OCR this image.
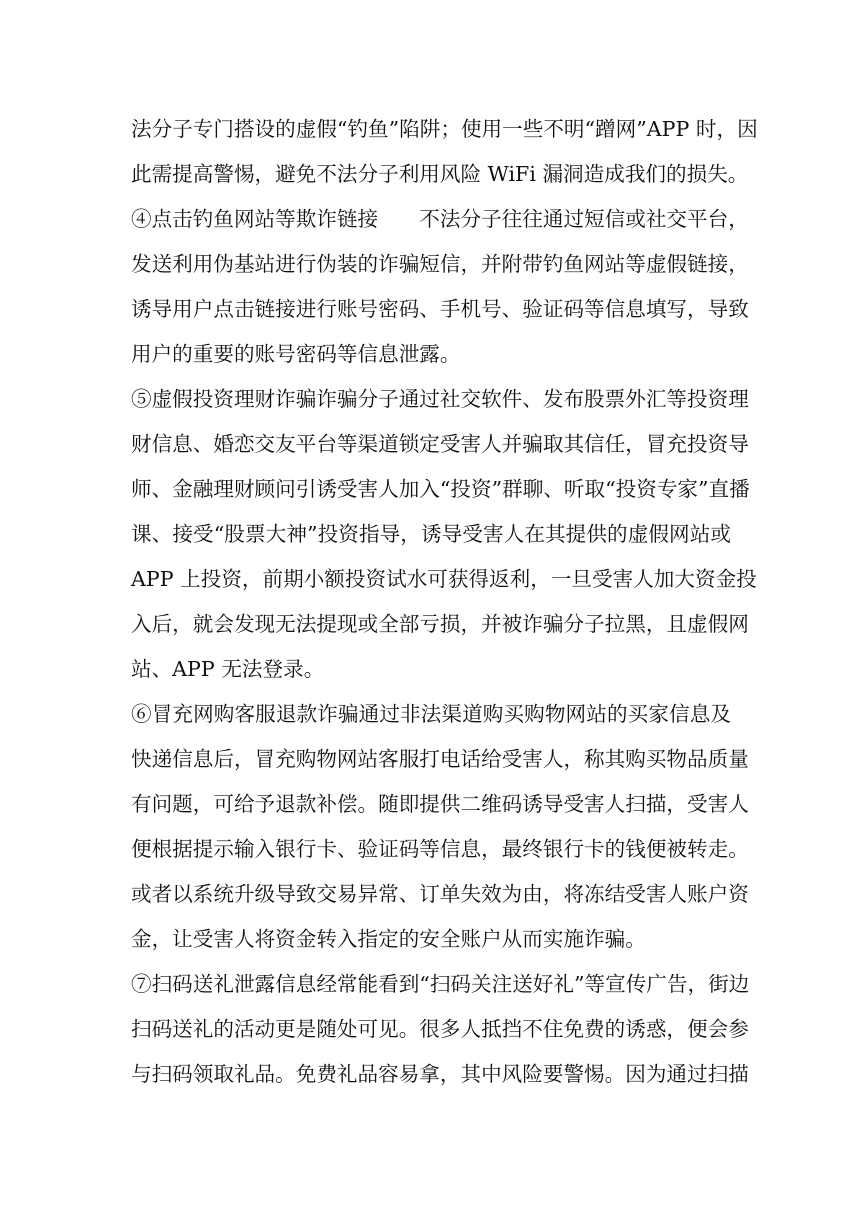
法分子专门搭设的虚假“钓鱼”陷阱；使用一些不明“蹭网”APP 时，因
此需提高警惕，避免不法分子利用风险 WiFi 漏洞造成我们的损失。
④点击钓鱼网站等欺诈链接　　不法分子往往通过短信或社交平台，
发送利用伪基站进行伪装的诈骗短信，并附带钓鱼网站等虚假链接，
诱导用户点击链接进行账号密码、手机号、验证码等信息填写，导致
用户的重要的账号密码等信息泄露。
⑤虚假投资理财诈骗诈骗分子通过社交软件、发布股票外汇等投资理
财信息、婚恋交友平台等渠道锁定受害人并骗取其信任，冒充投资导
师、金融理财顾问引诱受害人加入“投资”群聊、听取“投资专家”直播
课、接受“股票大神”投资指导，诱导受害人在其提供的虚假网站或
APP 上投资，前期小额投资试水可获得返利，一旦受害人加大资金投
入后，就会发现无法提现或全部亏损，并被诈骗分子拉黑，且虚假网
站、APP 无法登录。
⑥冒充网购客服退款诈骗通过非法渠道购买购物网站的买家信息及
快递信息后，冒充购物网站客服打电话给受害人，称其购买物品质量
有问题，可给予退款补偿。随即提供二维码诱导受害人扫描，受害人
便根据提示输入银行卡、验证码等信息，最终银行卡的钱便被转走。
或者以系统升级导致交易异常、订单失效为由，将冻结受害人账户资
金，让受害人将资金转入指定的安全账户从而实施诈骗。
⑦扫码送礼泄露信息经常能看到“扫码关注送好礼”等宣传广告，街边
扫码送礼的活动更是随处可见。很多人抵挡不住免费的诱惑，便会参
与扫码领取礼品。免费礼品容易拿，其中风险要警惕。因为通过扫描
